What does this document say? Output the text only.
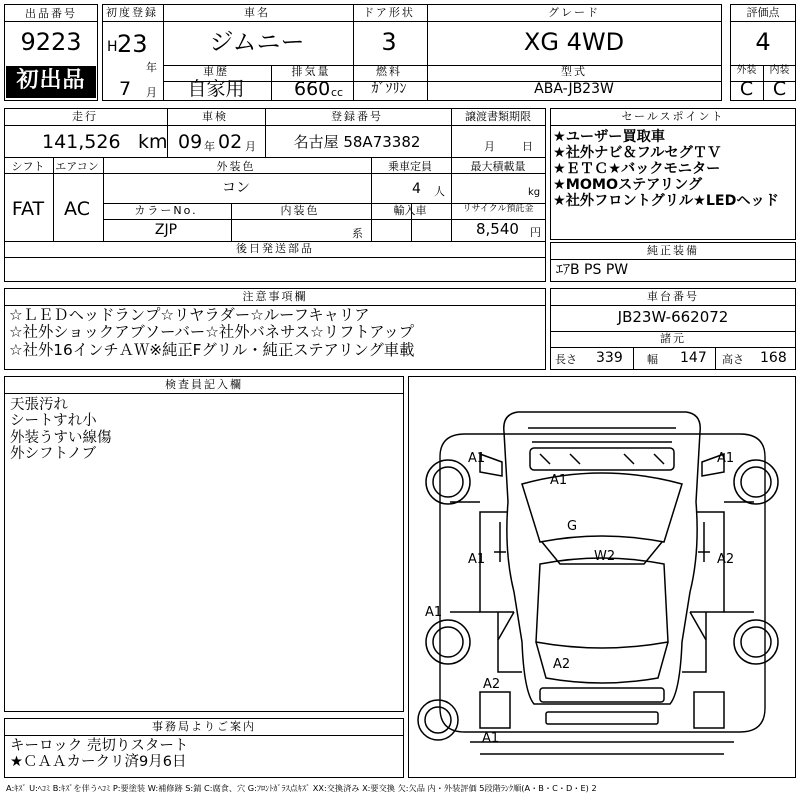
出品番号
9223
初出品
初度登録
H 23
年
7 月
車名
ジムニー
ドア形状
3
グレード
XG 4WD
車歴
自家用
排気量
660 cc
燃料
ｶﾞｿﾘﾝ
型式
ABA-JB23W
評価点
4
外装	内装
C	C
走行
141,526 km
車検
09 年 02 月
登録番号
名古屋 58A73382
譲渡書類期限
月 日
シフト エアコン
FAT	AC
外装色
コン
乗車定員
4 人
最大積載量
kg
カラーNo.
ZJP
内装色
系
輸入車	リサイクル預託金
8,540 円
後日発送部品
セールスポイント
★ユーザー買取車
★社外ナビ＆フルセグＴＶ
★ＥＴＣ★バックモニター
★MOMOステアリング
★社外フロントグリル★LEDヘッド
純正装備
ｴｱB PS PW
注意事項欄
☆ＬＥＤヘッドランプ☆リヤラダー☆ルーフキャリア
☆社外ショックアブソーバー☆社外バネサス☆リフトアップ
☆社外16インチＡＷ※純正Fグリル・純正ステアリング車載
車台番号
JB23W-662072
諸元
長さ 339 幅 147 高さ 168
検査員記入欄
天張汚れ
シートすれ小
外装うすい線傷
外シフトノブ
事務局よりご案内
キーロック 売切りスタート
★ＣＡＡカークリ済9月6日
A1	A1
A1
G
W2
A1	A2
A1
A2
A2
A1
A:ｷｽﾞ U:ﾍｺﾐ B:ｷｽﾞを伴うﾍｺﾐ P:要塗装 W:補修跡 S:錆 C:腐食、穴 G:ﾌﾛﾝﾄｶﾞﾗｽ点ｷｽﾞ XX:交換済み X:要交換 欠:欠品 内・外装評価 5段階ﾗﾝｸ順(A・B・C・D・E) 2
